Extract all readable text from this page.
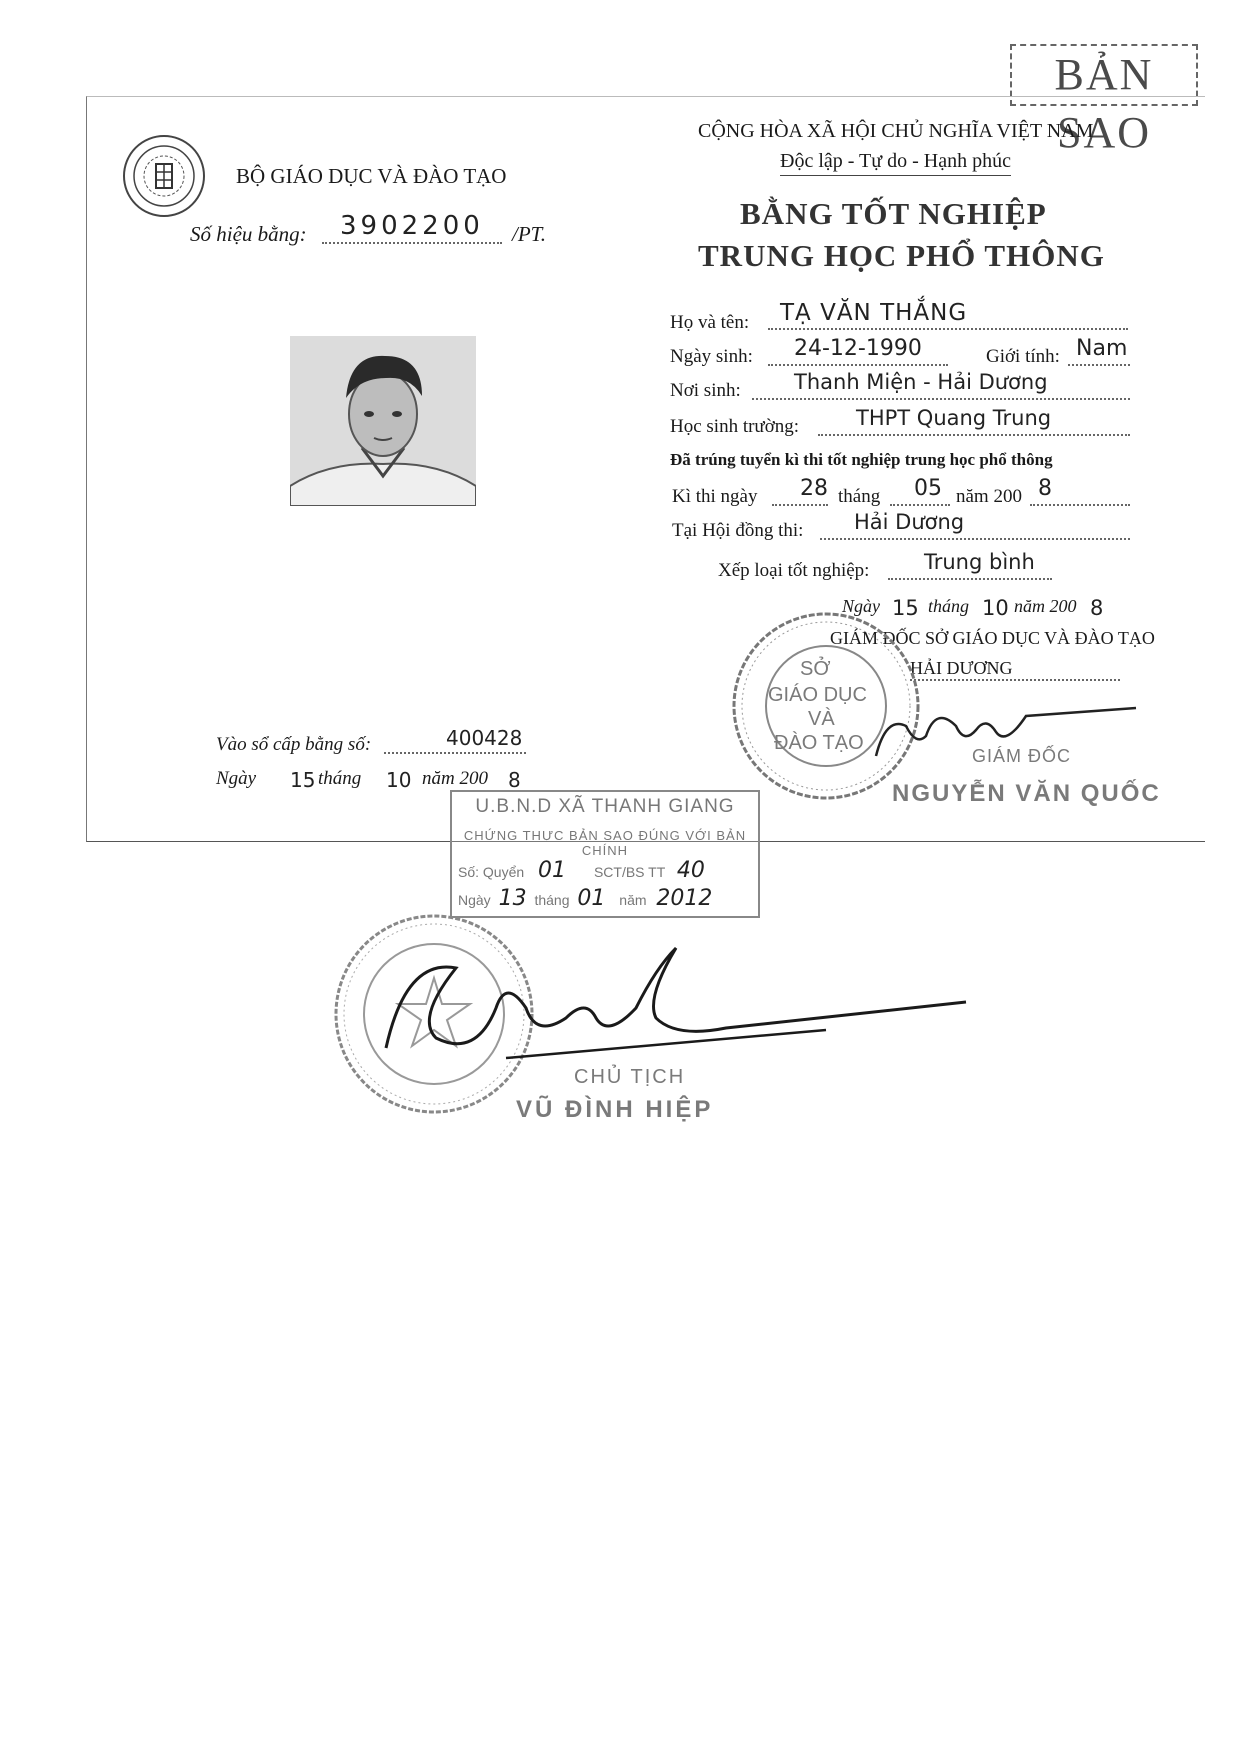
BẢN SAO
BỘ GIÁO DỤC VÀ ĐÀO TẠO
Số hiệu bằng:	3902200	/PT.
CỘNG HÒA XÃ HỘI CHỦ NGHĨA VIỆT NAM
Độc lập - Tự do - Hạnh phúc
BẰNG TỐT NGHIỆP
TRUNG HỌC PHỔ THÔNG
Họ và tên:	TẠ VĂN THẮNG
Ngày sinh:	24-12-1990	Giới tính: Nam
Nơi sinh:	Thanh Miện - Hải Dương
Học sinh trường:	THPT Quang Trung
Đã trúng tuyển kì thi tốt nghiệp trung học phổ thông
Kì thi ngày	28 tháng	05 năm 200 8
Tại Hội đồng thi:	Hải Dương
Xếp loại tốt nghiệp:	Trung bình
Ngày 15 tháng 10 năm 200 8
GIÁM ĐỐC SỞ GIÁO DỤC VÀ ĐÀO TẠO
HẢI DƯƠNG
SỞ
GIÁO DỤC
VÀ
ĐÀO TẠO
GIÁM ĐỐC
NGUYỄN VĂN QUỐC
Vào sổ cấp bằng số:	400428
Ngày 15 tháng 10 năm 200 8
U.B.N.D XÃ THANH GIANG
CHỨNG THỰC BẢN SAO ĐÚNG VỚI BẢN CHÍNH
Số: Quyển 01 SCT/BS TT 40
Ngày 13 tháng 01 năm 2012
CHỦ TỊCH
VŨ ĐÌNH HIỆP
